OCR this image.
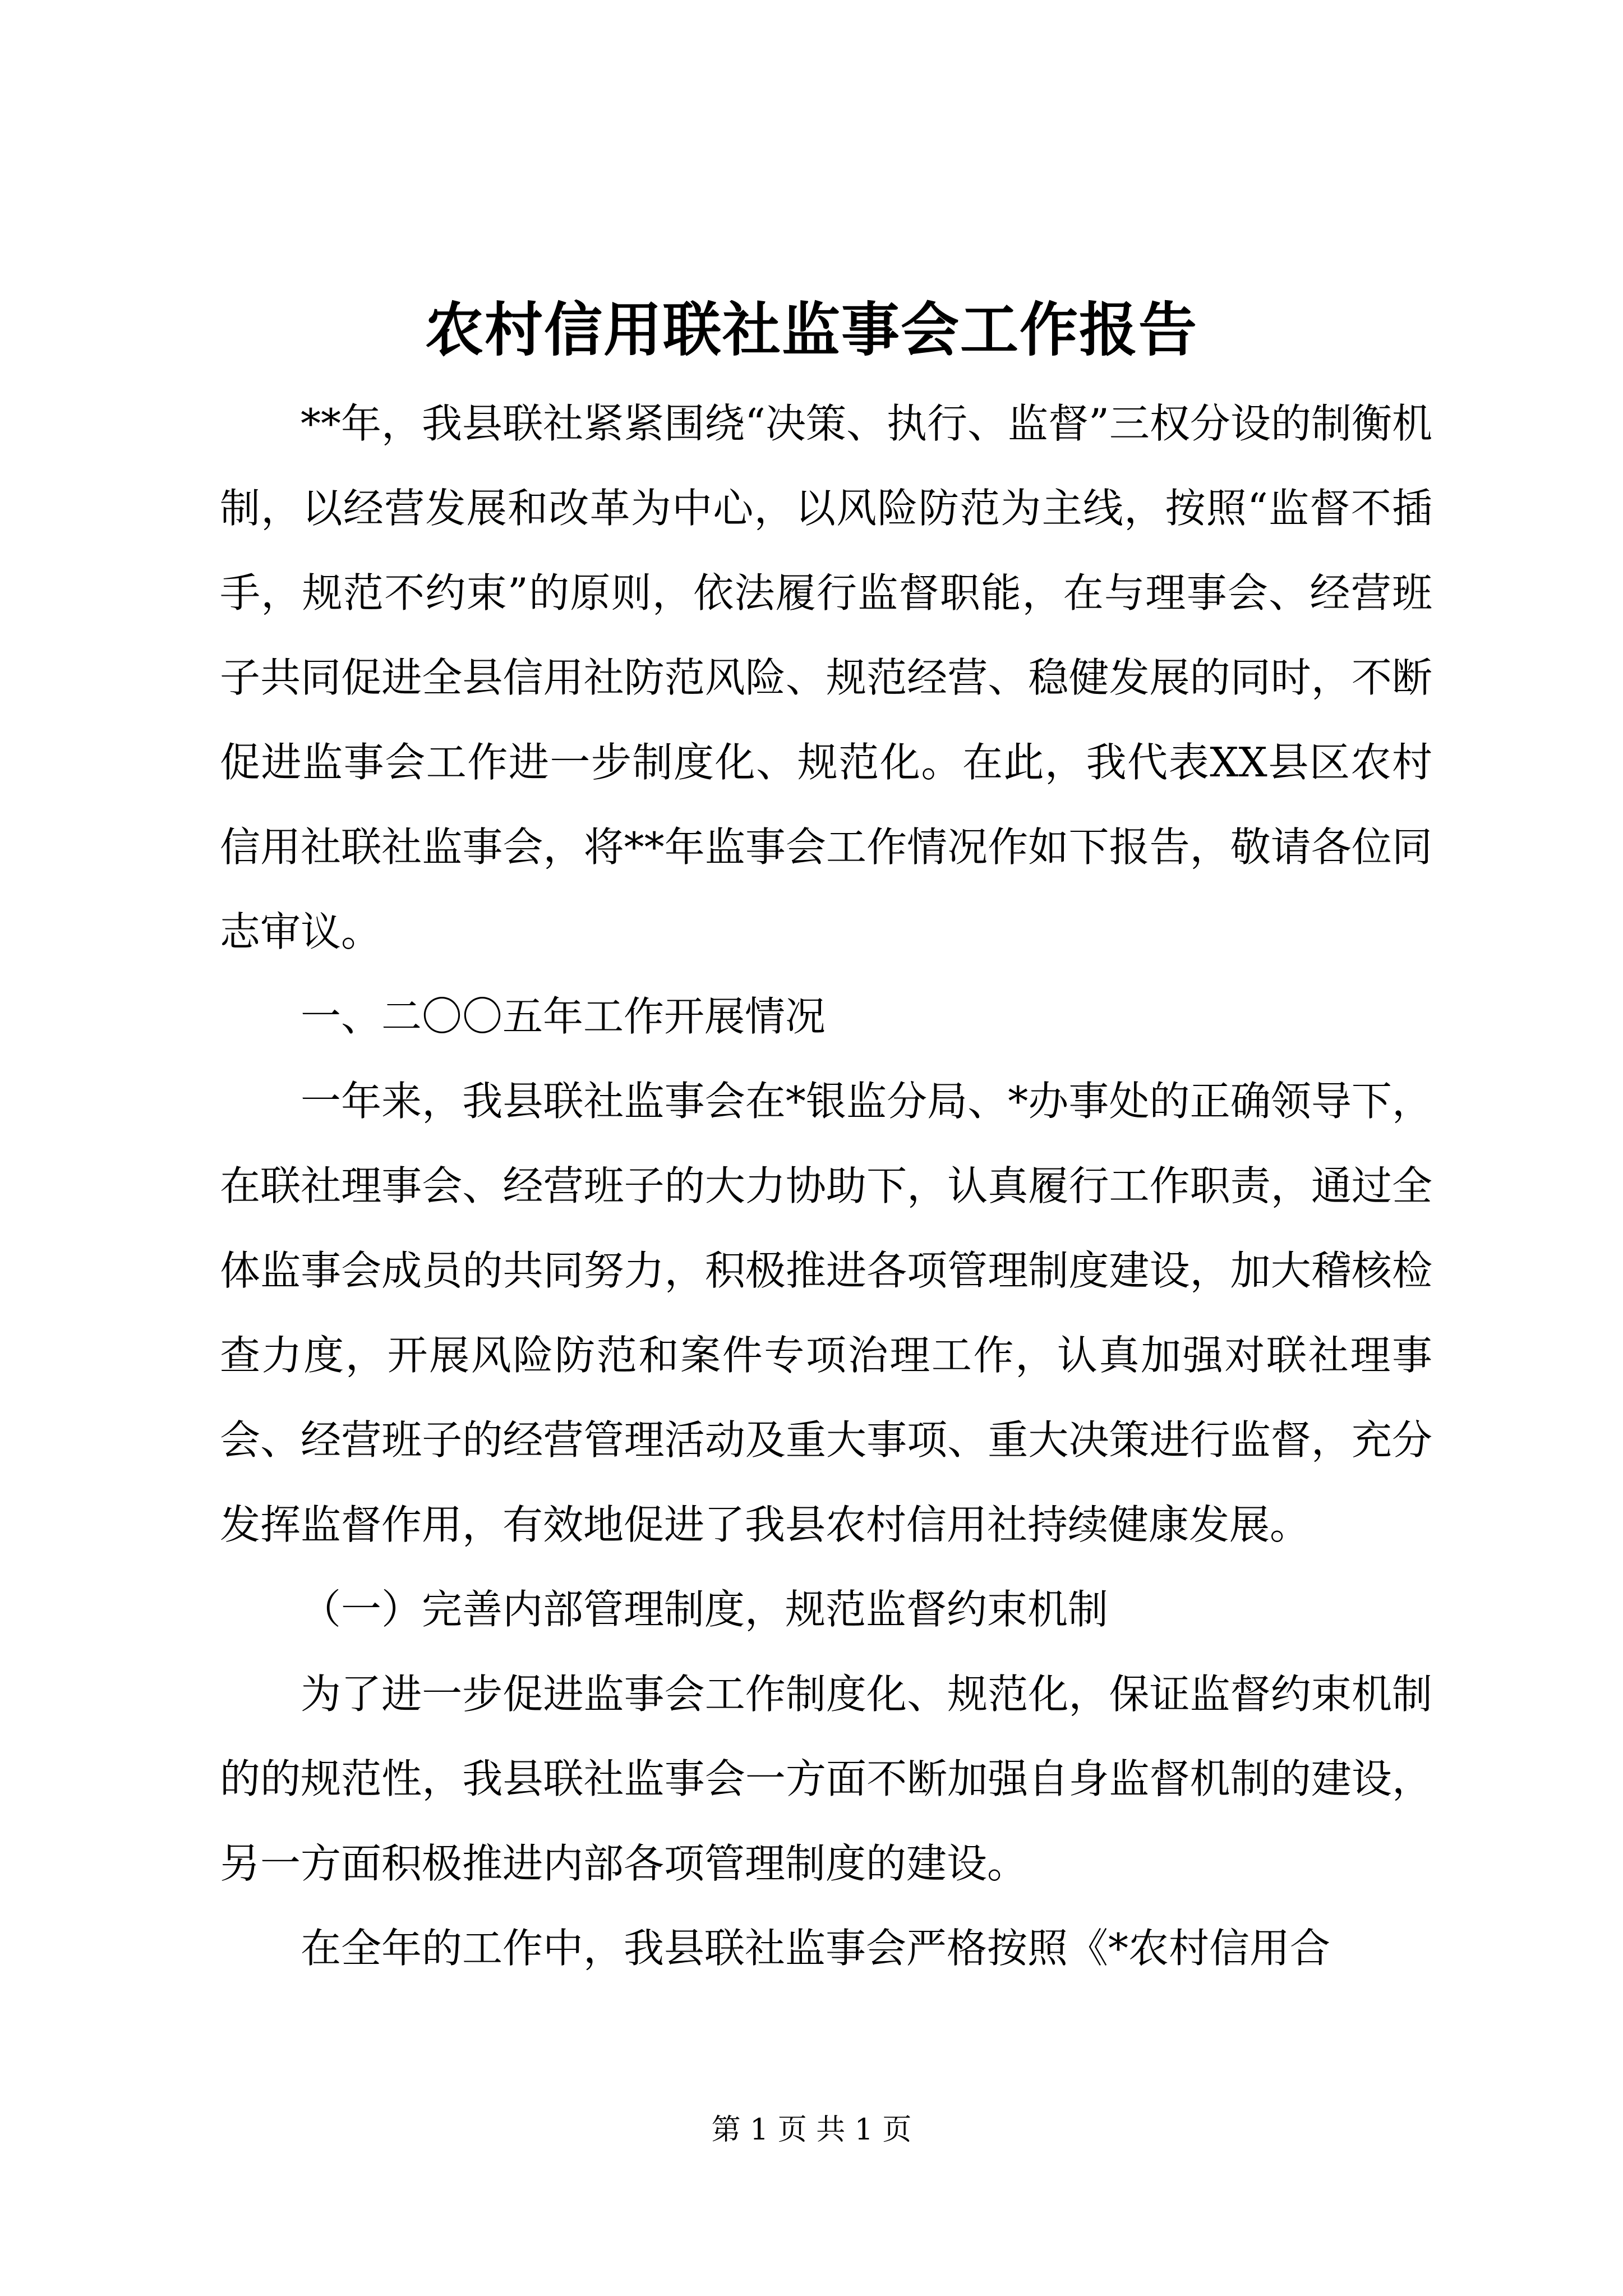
农村信用联社监事会工作报告

**年，我县联社紧紧围绕“决策、执行、监督”三权分设的制衡机制，以经营发展和改革为中心，以风险防范为主线，按照“监督不插手，规范不约束”的原则，依法履行监督职能，在与理事会、经营班子共同促进全县信用社防范风险、规范经营、稳健发展的同时，不断促进监事会工作进一步制度化、规范化。在此，我代表XX县区农村信用社联社监事会，将**年监事会工作情况作如下报告，敬请各位同志审议。

一、二〇〇五年工作开展情况

一年来，我县联社监事会在*银监分局、*办事处的正确领导下，在联社理事会、经营班子的大力协助下，认真履行工作职责，通过全体监事会成员的共同努力，积极推进各项管理制度建设，加大稽核检查力度，开展风险防范和案件专项治理工作，认真加强对联社理事会、经营班子的经营管理活动及重大事项、重大决策进行监督，充分发挥监督作用，有效地促进了我县农村信用社持续健康发展。

（一）完善内部管理制度，规范监督约束机制

为了进一步促进监事会工作制度化、规范化，保证监督约束机制的的规范性，我县联社监事会一方面不断加强自身监督机制的建设，另一方面积极推进内部各项管理制度的建设。

在全年的工作中，我县联社监事会严格按照《*农村信用合

第 1 页 共 1 页
